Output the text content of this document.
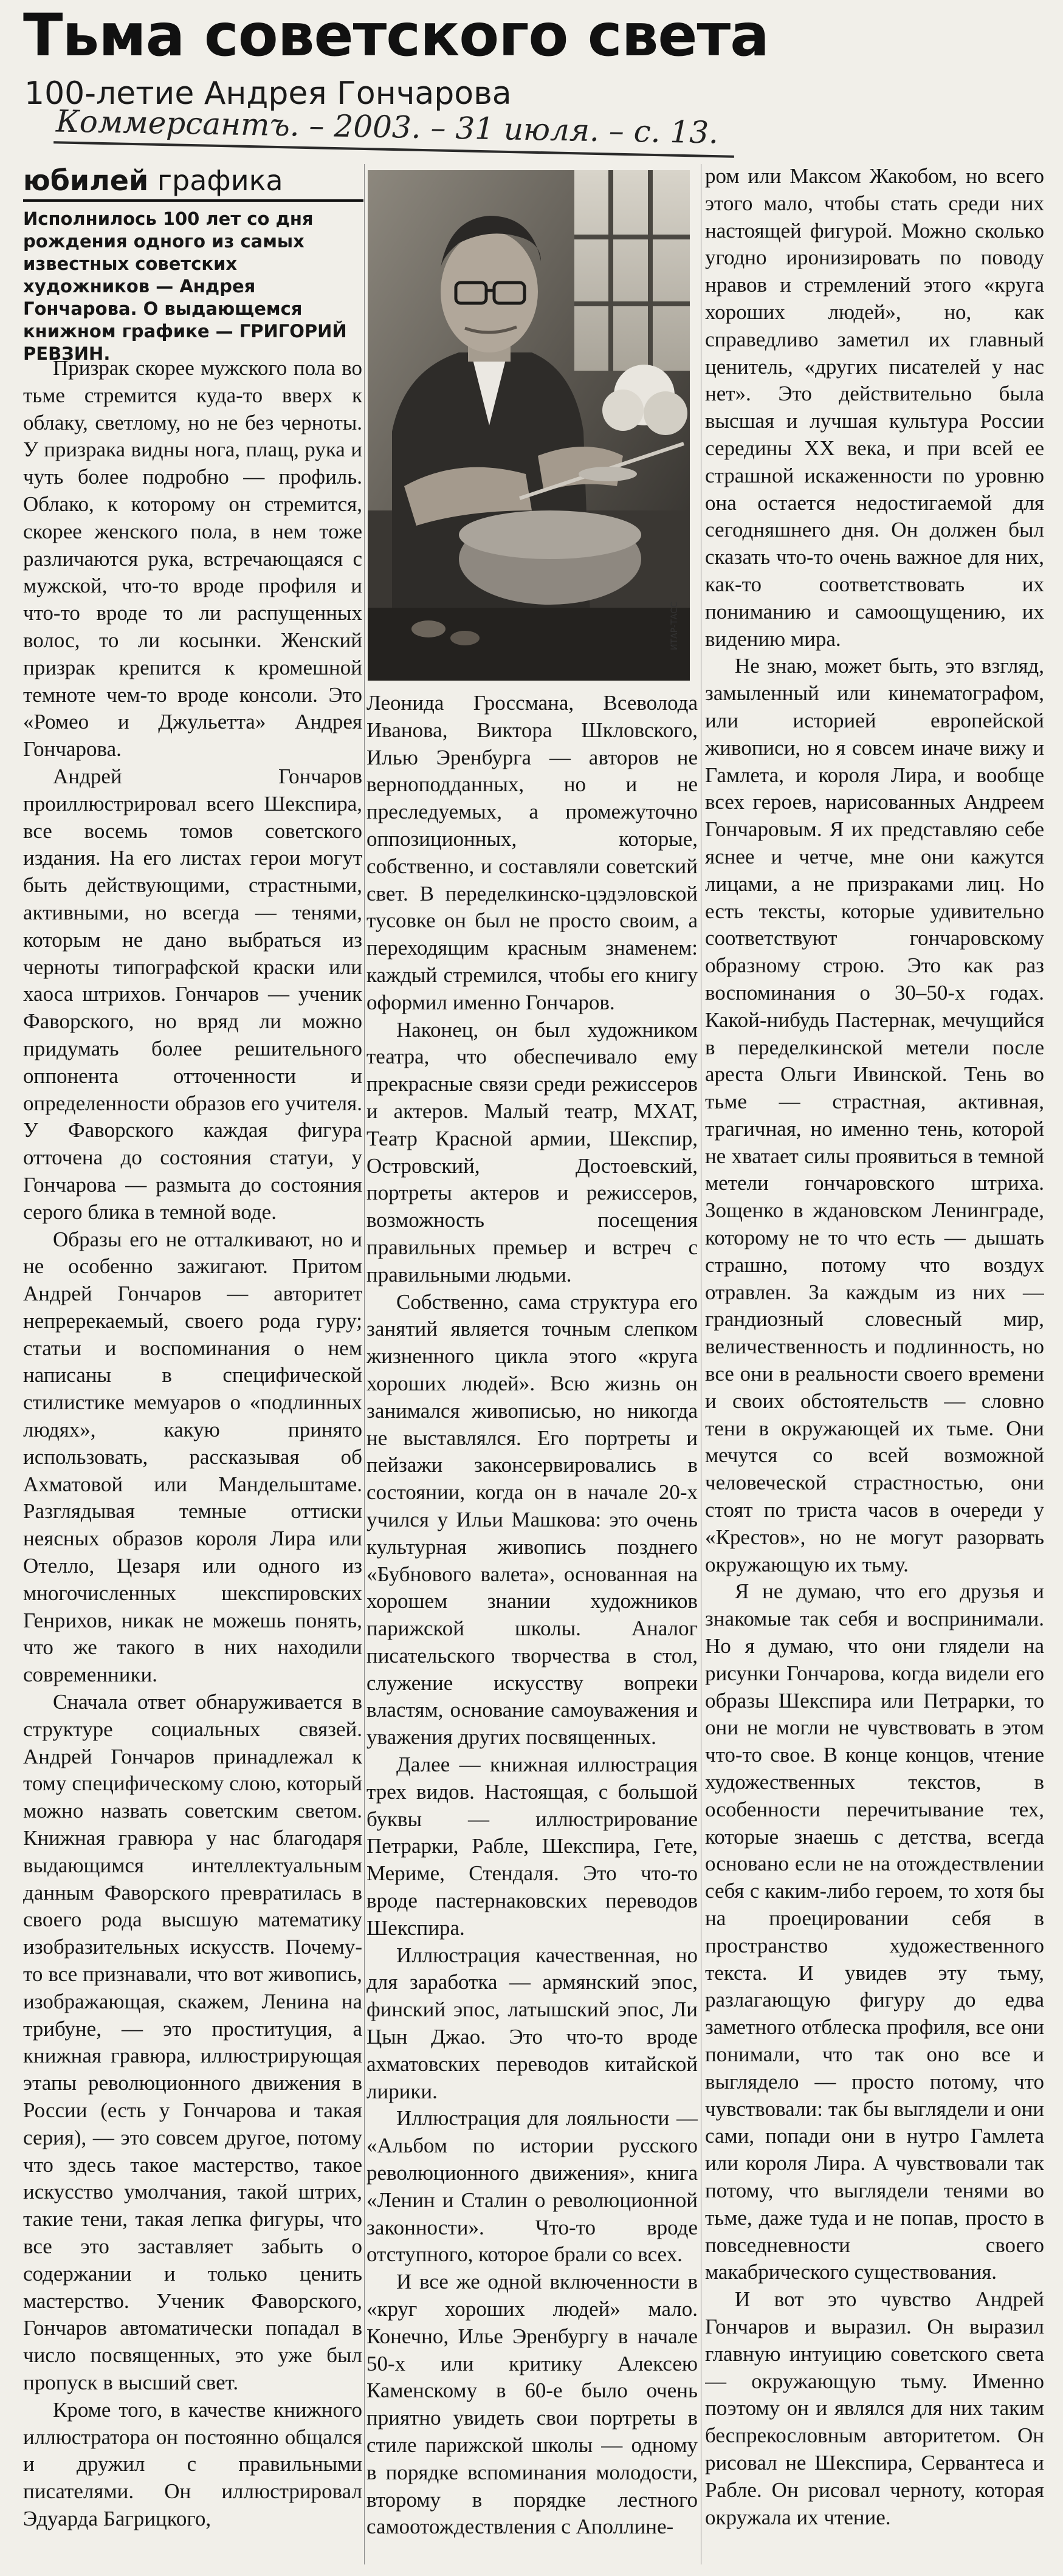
Тьма советского света
100-летие Андрея Гончарова
Коммерсантъ. – 2003. – 31 июля. – с. 13.
юбилей графика
Исполнилось 100 лет со дня рождения одного из самых известных советских художников — Андрея Гончарова. О выдающемся книжном графике — ГРИГОРИЙ РЕВЗИН.
ИТАР-ТАСС

Призрак скорее мужского пола во тьме стремится куда-то вверх к облаку, светлому, но не без черноты. У призрака видны нога, плащ, рука и чуть более подробно — профиль. Облако, к которому он стремится, скорее женского пола, в нем тоже различаются рука, встречающаяся с мужской, что-то вроде профиля и что-то вроде то ли распущенных волос, то ли косынки. Женский призрак крепится к кромешной темноте чем-то вроде консоли. Это «Ромео и Джульетта» Андрея Гончарова.

Андрей Гончаров проиллюстрировал всего Шекспира, все восемь томов советского издания. На его листах герои могут быть действующими, страстными, активными, но всегда — тенями, которым не дано выбраться из черноты типографской краски или хаоса штрихов. Гончаров — ученик Фаворского, но вряд ли можно придумать более решительного оппонента отточенности и определенности образов его учителя. У Фаворского каждая фигура отточена до состояния статуи, у Гончарова — размыта до состояния серого блика в темной воде.

Образы его не отталкивают, но и не особенно зажигают. Притом Андрей Гончаров — авторитет непререкаемый, своего рода гуру; статьи и воспоминания о нем написаны в специфической стилистике мемуаров о «подлинных людях», какую принято использовать, рассказывая об Ахматовой или Мандельштаме. Разглядывая темные оттиски неясных образов короля Лира или Отелло, Цезаря или одного из многочисленных шекспировских Генрихов, никак не можешь понять, что же такого в них находили современники.

Сначала ответ обнаруживается в структуре социальных связей. Андрей Гончаров принадлежал к тому специфическому слою, который можно назвать советским светом. Книжная гравюра у нас благодаря выдающимся интеллектуальным данным Фаворского превратилась в своего рода высшую математику изобразительных искусств. Почему-то все признавали, что вот живопись, изображающая, скажем, Ленина на трибуне, — это проституция, а книжная гравюра, иллюстрирующая этапы революционного движения в России (есть у Гончарова и такая серия), — это совсем другое, потому что здесь такое мастерство, такое искусство умолчания, такой штрих, такие тени, такая лепка фигуры, что все это заставляет забыть о содержании и только ценить мастерство. Ученик Фаворского, Гончаров автоматически попадал в число посвященных, это уже был пропуск в высший свет.

Кроме того, в качестве книжного иллюстратора он постоянно общался и дружил с правильными писателями. Он иллюстрировал Эдуарда Багрицкого,

Леонида Гроссмана, Всеволода Иванова, Виктора Шкловского, Илью Эренбурга — авторов не верноподданных, но и не преследуемых, а промежуточно оппозиционных, которые, собственно, и составляли советский свет. В переделкинско-цэдэловской тусовке он был не просто своим, а переходящим красным знаменем: каждый стремился, чтобы его книгу оформил именно Гончаров.

Наконец, он был художником театра, что обеспечивало ему прекрасные связи среди режиссеров и актеров. Малый театр, МХАТ, Театр Красной армии, Шекспир, Островский, Достоевский, портреты актеров и режиссеров, возможность посещения правильных премьер и встреч с правильными людьми.

Собственно, сама структура его занятий является точным слепком жизненного цикла этого «круга хороших людей». Всю жизнь он занимался живописью, но никогда не выставлялся. Его портреты и пейзажи законсервировались в состоянии, когда он в начале 20-х учился у Ильи Машкова: это очень культурная живопись позднего «Бубнового валета», основанная на хорошем знании художников парижской школы. Аналог писательского творчества в стол, служение искусству вопреки властям, основание самоуважения и уважения других посвященных.

Далее — книжная иллюстрация трех видов. Настоящая, с большой буквы — иллюстрирование Петрарки, Рабле, Шекспира, Гете, Мериме, Стендаля. Это что-то вроде пастернаковских переводов Шекспира.

Иллюстрация качественная, но для заработка — армянский эпос, финский эпос, латышский эпос, Ли Цын Джао. Это что-то вроде ахматовских переводов китайской лирики.

Иллюстрация для лояльности — «Альбом по истории русского революционного движения», книга «Ленин и Сталин о революционной законности». Что-то вроде отступного, которое брали со всех.

И все же одной включенности в «круг хороших людей» мало. Конечно, Илье Эренбургу в начале 50-х или критику Алексею Каменскому в 60-е было очень приятно увидеть свои портреты в стиле парижской школы — одному в порядке вспоминания молодости, второму в порядке лестного самоотождествления с Аполлине-

ром или Максом Жакобом, но всего этого мало, чтобы стать среди них настоящей фигурой. Можно сколько угодно иронизировать по поводу нравов и стремлений этого «круга хороших людей», но, как справедливо заметил их главный ценитель, «других писателей у нас нет». Это действительно была высшая и лучшая культура России середины XX века, и при всей ее страшной искаженности по уровню она остается недостигаемой для сегодняшнего дня. Он должен был сказать что-то очень важное для них, как-то соответствовать их пониманию и самоощущению, их видению мира.

Не знаю, может быть, это взгляд, замыленный или кинематографом, или историей европейской живописи, но я совсем иначе вижу и Гамлета, и короля Лира, и вообще всех героев, нарисованных Андреем Гончаровым. Я их представляю себе яснее и четче, мне они кажутся лицами, а не призраками лиц. Но есть тексты, которые удивительно соответствуют гончаровскому образному строю. Это как раз воспоминания о 30–50-х годах. Какой-нибудь Пастернак, мечущийся в переделкинской метели после ареста Ольги Ивинской. Тень во тьме — страстная, активная, трагичная, но именно тень, которой не хватает силы проявиться в темной метели гончаровского штриха. Зощенко в ждановском Ленинграде, которому не то что есть — дышать страшно, потому что воздух отравлен. За каждым из них — грандиозный словесный мир, величественность и подлинность, но все они в реальности своего времени и своих обстоятельств — словно тени в окружающей их тьме. Они мечутся со всей возможной человеческой страстностью, они стоят по триста часов в очереди у «Крестов», но не могут разорвать окружающую их тьму.

Я не думаю, что его друзья и знакомые так себя и воспринимали. Но я думаю, что они глядели на рисунки Гончарова, когда видели его образы Шекспира или Петрарки, то они не могли не чувствовать в этом что-то свое. В конце концов, чтение художественных текстов, в особенности перечитывание тех, которые знаешь с детства, всегда основано если не на отождествлении себя с каким-либо героем, то хотя бы на проецировании себя в пространство художественного текста. И увидев эту тьму, разлагающую фигуру до едва заметного отблеска профиля, все они понимали, что так оно все и выглядело — просто потому, что чувствовали: так бы выглядели и они сами, попади они в нутро Гамлета или короля Лира. А чувствовали так потому, что выглядели тенями во тьме, даже туда и не попав, просто в повседневности своего макабрического существования.

И вот это чувство Андрей Гончаров и выразил. Он выразил главную интуицию советского света — окружающую тьму. Именно поэтому он и являлся для них таким беспрекословным авторитетом. Он рисовал не Шекспира, Сервантеса и Рабле. Он рисовал черноту, которая окружала их чтение.
